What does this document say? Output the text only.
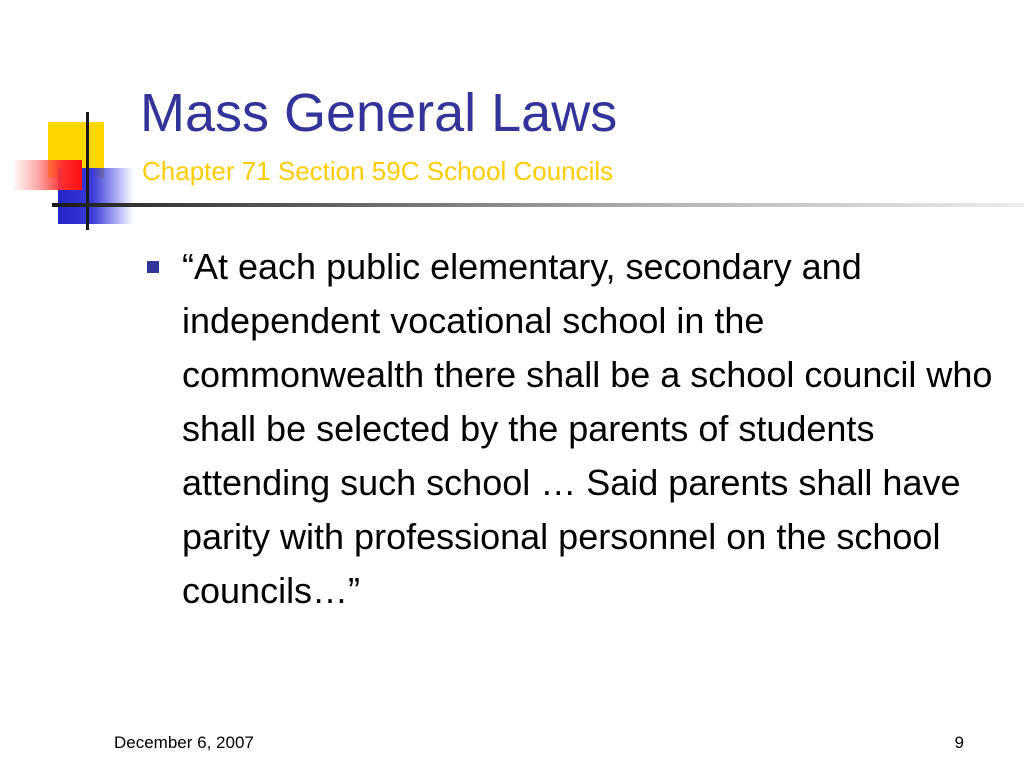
Mass General Laws
Chapter 71 Section 59C School Councils
“At each public elementary, secondary and independent vocational school in the commonwealth there shall be a school council who shall be selected by the parents of students attending such school … Said parents shall have parity with professional personnel on the school councils…”
December 6, 2007	9
